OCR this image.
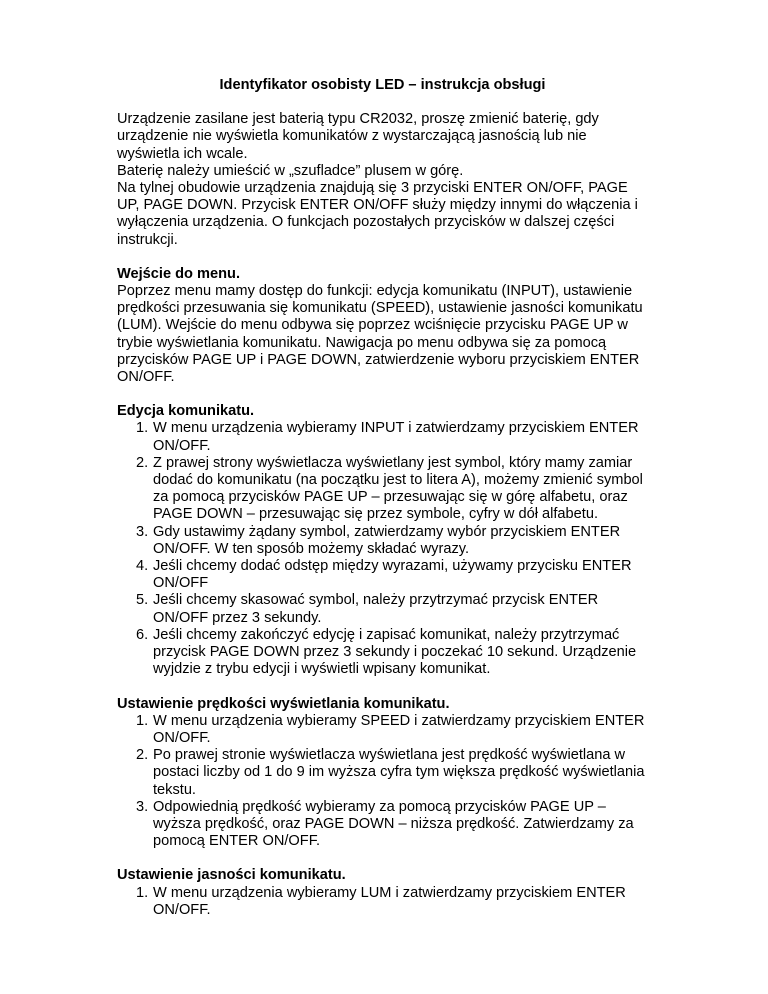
Identyfikator osobisty LED – instrukcja obsługi

Urządzenie zasilane jest baterią typu CR2032, proszę zmienić baterię, gdy urządzenie nie wyświetla komunikatów z wystarczającą jasnością lub nie wyświetla ich wcale.

Baterię należy umieścić w „szufladce” plusem w górę.

Na tylnej obudowie urządzenia znajdują się 3 przyciski ENTER ON/OFF, PAGE UP, PAGE DOWN. Przycisk ENTER ON/OFF służy między innymi do włączenia i wyłączenia urządzenia. O funkcjach pozostałych przycisków w dalszej części instrukcji.

Wejście do menu.

Poprzez menu mamy dostęp do funkcji: edycja komunikatu (INPUT), ustawienie prędkości przesuwania się komunikatu (SPEED), ustawienie jasności komunikatu (LUM). Wejście do menu odbywa się poprzez wciśnięcie przycisku PAGE UP w trybie wyświetlania komunikatu. Nawigacja po menu odbywa się za pomocą przycisków PAGE UP i PAGE DOWN, zatwierdzenie wyboru przyciskiem ENTER ON/OFF.

Edycja komunikatu.

1. W menu urządzenia wybieramy INPUT i zatwierdzamy przyciskiem ENTER ON/OFF.
2. Z prawej strony wyświetlacza wyświetlany jest symbol, który mamy zamiar dodać do komunikatu (na początku jest to litera A), możemy zmienić symbol za pomocą przycisków PAGE UP – przesuwając się w górę alfabetu, oraz PAGE DOWN – przesuwając się przez symbole, cyfry w dół alfabetu.
3. Gdy ustawimy żądany symbol, zatwierdzamy wybór przyciskiem ENTER ON/OFF. W ten sposób możemy składać wyrazy.
4. Jeśli chcemy dodać odstęp między wyrazami, używamy przycisku ENTER ON/OFF
5. Jeśli chcemy skasować symbol, należy przytrzymać przycisk ENTER ON/OFF przez 3 sekundy.
6. Jeśli chcemy zakończyć edycję i zapisać komunikat, należy przytrzymać przycisk PAGE DOWN przez 3 sekundy i poczekać 10 sekund. Urządzenie wyjdzie z trybu edycji i wyświetli wpisany komunikat.

Ustawienie prędkości wyświetlania komunikatu.

1. W menu urządzenia wybieramy SPEED i zatwierdzamy przyciskiem ENTER ON/OFF.
2. Po prawej stronie wyświetlacza wyświetlana jest prędkość wyświetlana w postaci liczby od 1 do 9 im wyższa cyfra tym większa prędkość wyświetlania tekstu.
3. Odpowiednią prędkość wybieramy za pomocą przycisków PAGE UP – wyższa prędkość, oraz PAGE DOWN – niższa prędkość. Zatwierdzamy za pomocą ENTER ON/OFF.

Ustawienie jasności komunikatu.

1. W menu urządzenia wybieramy LUM i zatwierdzamy przyciskiem ENTER ON/OFF.
